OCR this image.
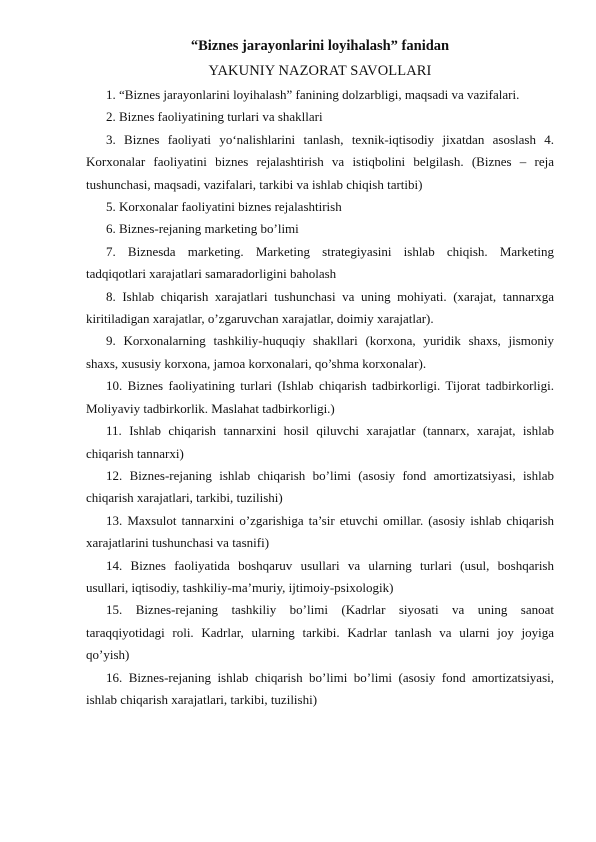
“Biznes jarayonlarini loyihalash” fanidan

YAKUNIY NAZORAT SAVOLLARI

1. “Biznes jarayonlarini loyihalash” fanining dolzarbligi, maqsadi va vazifalari.

2. Biznes faoliyatining turlari va shakllari

3. Biznes faoliyati yo‘nalishlarini tanlash, texnik-iqtisodiy jixatdan asoslash 4. Korxonalar faoliyatini biznes rejalashtirish va istiqbolini belgilash. (Biznes – reja tushunchasi, maqsadi, vazifalari, tarkibi va ishlab chiqish tartibi)

5. Korxonalar faoliyatini biznes rejalashtirish

6. Biznes-rejaning marketing bo’limi

7. Biznesda marketing. Marketing strategiyasini ishlab chiqish. Marketing tadqiqotlari xarajatlari samaradorligini baholash

8. Ishlab chiqarish xarajatlari tushunchasi va uning mohiyati. (xarajat, tannarxga kiritiladigan xarajatlar, o’zgaruvchan xarajatlar, doimiy xarajatlar).

9. Korxonalarning tashkiliy-huquqiy shakllari (korxona, yuridik shaxs, jismoniy shaxs, xususiy korxona, jamoa korxonalari, qo’shma korxonalar).

10. Biznes faoliyatining turlari (Ishlab chiqarish tadbirkorligi. Tijorat tadbirkorligi. Moliyaviy tadbirkorlik. Maslahat tadbirkorligi.)

11. Ishlab chiqarish tannarxini hosil qiluvchi xarajatlar (tannarx, xarajat, ishlab chiqarish tannarxi)

12. Biznes-rejaning ishlab chiqarish bo’limi (asosiy fond amortizatsiyasi, ishlab chiqarish xarajatlari, tarkibi, tuzilishi)

13. Maxsulot tannarxini o’zgarishiga ta’sir etuvchi omillar. (asosiy ishlab chiqarish xarajatlarini tushunchasi va tasnifi)

14. Biznes faoliyatida boshqaruv usullari va ularning turlari (usul, boshqarish usullari, iqtisodiy, tashkiliy-ma’muriy, ijtimoiy-psixologik)

15. Biznes-rejaning tashkiliy bo’limi (Kadrlar siyosati va uning sanoat taraqqiyotidagi roli. Kadrlar, ularning tarkibi. Kadrlar tanlash va ularni joy joyiga qo’yish)

16. Biznes-rejaning ishlab chiqarish bo’limi bo’limi (asosiy fond amortizatsiyasi, ishlab chiqarish xarajatlari, tarkibi, tuzilishi)
